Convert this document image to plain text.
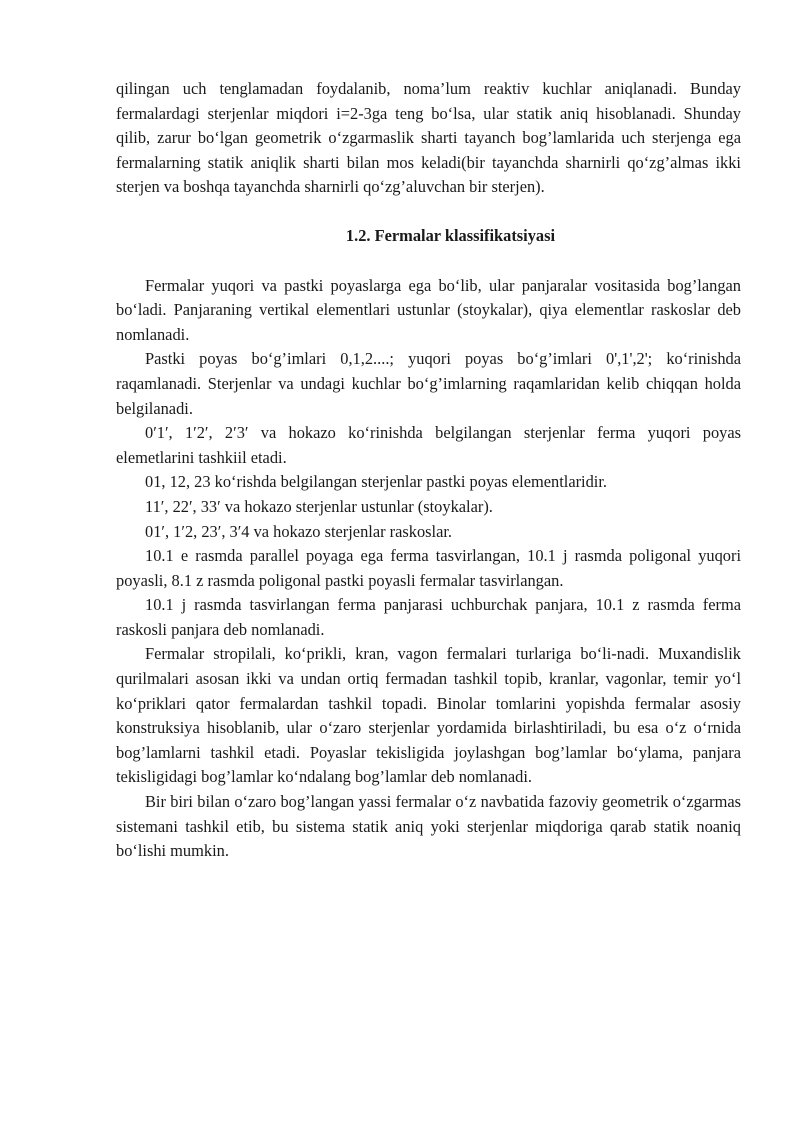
qilingan uch tenglamadan foydalanib, noma’lum reaktiv kuchlar aniqlanadi. Bunday fermalardagi sterjenlar miqdori i=2-3ga teng bo‘lsa, ular statik aniq hisoblanadi. Shunday qilib, zarur bo‘lgan geometrik o‘zgarmaslik sharti tayanch bog’lamlarida uch sterjenga ega fermalarning statik aniqlik sharti bilan mos keladi(bir tayanchda sharnirli qo‘zg’almas ikki sterjen va boshqa tayanchda sharnirli qo‘zg’aluvchan bir sterjen).

1.2. Fermalar klassifikatsiyasi

Fermalar yuqori va pastki poyaslarga ega bo‘lib, ular panjaralar vositasida bog’langan bo‘ladi. Panjaraning vertikal elementlari ustunlar (stoykalar), qiya elementlar raskoslar deb nomlanadi.

Pastki poyas bo‘g’imlari 0,1,2....; yuqori poyas bo‘g’imlari 0',1',2'; ko‘rinishda raqamlanadi. Sterjenlar va undagi kuchlar bo‘g’imlarning raqamlaridan kelib chiqqan holda belgilanadi.

0′1′, 1′2′, 2′3′ va hokazo ko‘rinishda belgilangan sterjenlar ferma yuqori poyas elemetlarini tashkiil etadi.

01, 12, 23 ko‘rishda belgilangan sterjenlar pastki poyas elementlaridir.

11′, 22′, 33′ va hokazo sterjenlar ustunlar (stoykalar).

01′, 1′2, 23′, 3′4 va hokazo sterjenlar raskoslar.

10.1 e rasmda parallel poyaga ega ferma tasvirlangan, 10.1 j rasmda poligonal yuqori poyasli, 8.1 z rasmda poligonal pastki poyasli fermalar tasvirlangan.

10.1 j rasmda tasvirlangan ferma panjarasi uchburchak panjara, 10.1 z rasmda ferma raskosli panjara deb nomlanadi.

Fermalar stropilali, ko‘prikli, kran, vagon fermalari turlariga bo‘li-nadi. Muxandislik qurilmalari asosan ikki va undan ortiq fermadan tashkil topib, kranlar, vagonlar, temir yo‘l ko‘priklari qator fermalardan tashkil topadi. Binolar tomlarini yopishda fermalar asosiy konstruksiya hisoblanib, ular o‘zaro sterjenlar yordamida birlashtiriladi, bu esa o‘z o‘rnida bog’lamlarni tashkil etadi. Poyaslar tekisligida joylashgan bog’lamlar bo‘ylama, panjara tekisligidagi bog’lamlar ko‘ndalang bog’lamlar deb nomlanadi.

Bir biri bilan o‘zaro bog’langan yassi fermalar o‘z navbatida fazoviy geometrik o‘zgarmas sistemani tashkil etib, bu sistema statik aniq yoki sterjenlar miqdoriga qarab statik noaniq bo‘lishi mumkin.
